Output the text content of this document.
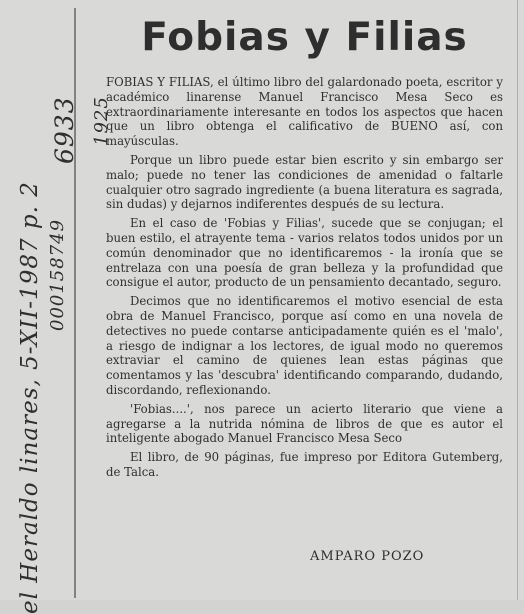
el Heraldo linares, 5-XII-1987 p. 2 000158749
6933 1925
Fobias y Filias

FOBIAS Y FILIAS, el último libro del galardonado poeta, escritor y académico linarense Manuel Francisco Mesa Seco es extraordinariamente interesante en todos los aspectos que hacen que un libro obtenga el calificativo de BUENO así, con mayúsculas.

Porque un libro puede estar bien escrito y sin embargo ser malo; puede no tener las condiciones de amenidad o faltarle cualquier otro sagrado ingrediente (a buena literatura es sagrada, sin dudas) y dejarnos indiferentes después de su lectura.

En el caso de 'Fobias y Filias', sucede que se conjugan; el buen estilo, el atrayente tema - varios relatos todos unidos por un común denominador que no identificaremos - la ironía que se entrelaza con una poesía de gran belleza y la profundidad que consigue el autor, producto de un pensamiento decantado, seguro.

Decimos que no identificaremos el motivo esencial de esta obra de Manuel Francisco, porque así como en una novela de detectives no puede contarse anticipadamente quién es el 'malo', a riesgo de indignar a los lectores, de igual modo no queremos extraviar el camino de quienes lean estas páginas que comentamos y las 'descubra' identificando comparando, dudando, discordando, reflexionando.

'Fobias....', nos parece un acierto literario que viene a agregarse a la nutrida nómina de libros de que es autor el inteligente abogado Manuel Francisco Mesa Seco

El libro, de 90 páginas, fue impreso por Editora Gutemberg, de Talca.

AMPARO POZO
